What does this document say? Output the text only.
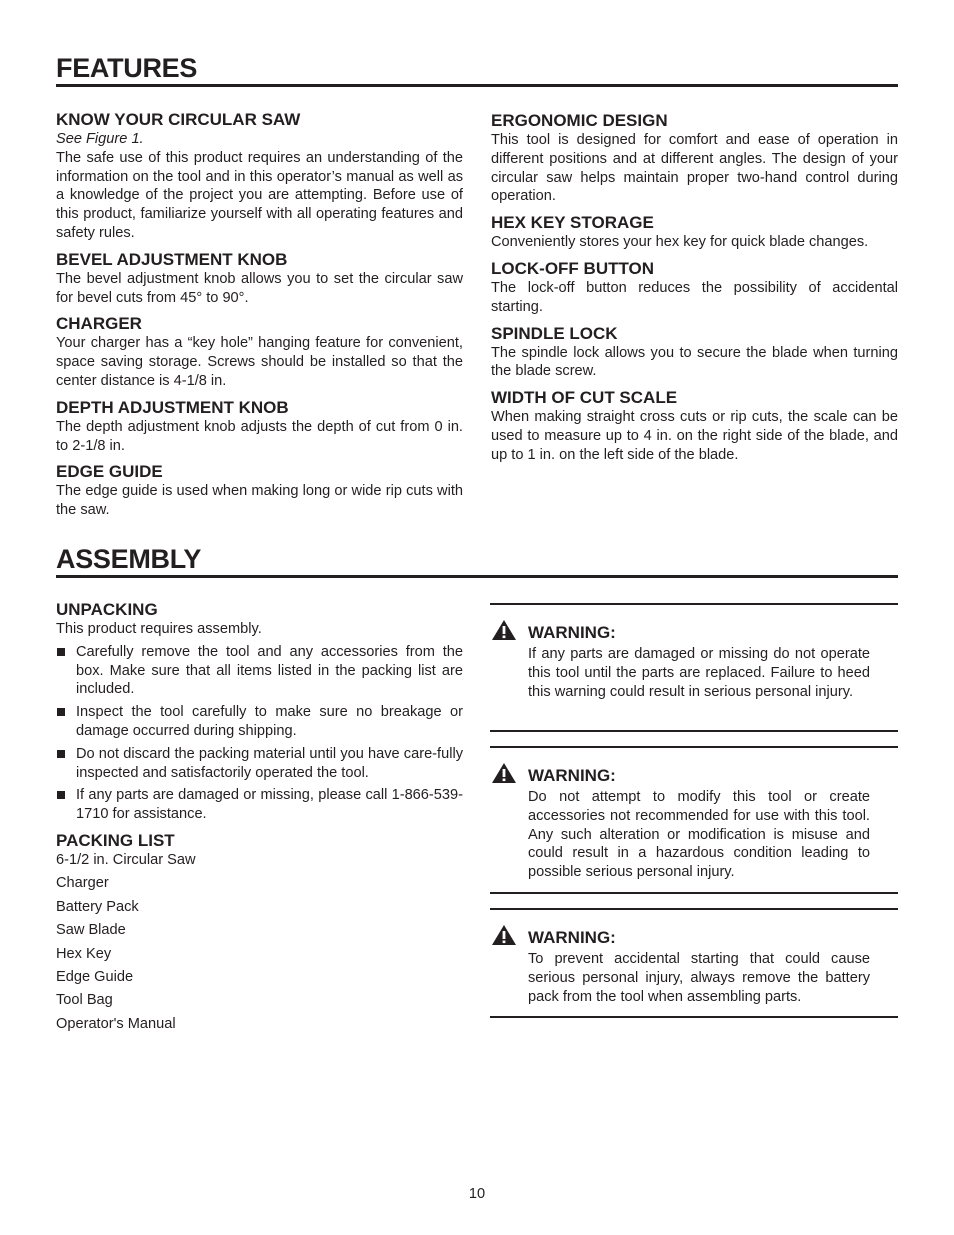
FEATURES

KNOW YOUR CIRCULAR SAW

See Figure 1.

The safe use of this product requires an understanding of the information on the tool and in this operator’s manual as well as a knowledge of the project you are attempting. Before use of this product, familiarize yourself with all operating features and safety rules.

BEVEL ADJUSTMENT KNOB

The bevel adjustment knob allows you to set the circular saw for bevel cuts from 45° to 90°.

CHARGER

Your charger has a “key hole” hanging feature for convenient, space saving storage. Screws should be installed so that the center distance is 4-1/8 in.

DEPTH ADJUSTMENT KNOB

The depth adjustment knob adjusts the depth of cut from 0 in. to 2-1/8 in.

EDGE GUIDE

The edge guide is used when making long or wide rip cuts with the saw.

ERGONOMIC DESIGN

This tool is designed for comfort and ease of operation in different positions and at different angles. The design of your circular saw helps maintain proper two-hand control during operation.

HEX KEY STORAGE

Conveniently stores your hex key for quick blade changes.

LOCK-OFF BUTTON

The lock-off button reduces the possibility of accidental starting.

SPINDLE LOCK

The spindle lock allows you to secure the blade when turning the blade screw.

WIDTH OF CUT SCALE

When making straight cross cuts or rip cuts, the scale can be used to measure up to 4 in. on the right side of the blade, and up to 1 in. on the left side of the blade.

ASSEMBLY

UNPACKING

This product requires assembly.

Carefully remove the tool and any accessories from the box. Make sure that all items listed in the packing list are included.
Inspect the tool carefully to make sure no breakage or damage occurred during shipping.
Do not discard the packing material until you have care-fully inspected and satisfactorily operated the tool.
If any parts are damaged or missing, please call 1-866-539-1710 for assistance.

PACKING LIST

6-1/2 in. Circular Saw
Charger
Battery Pack
Saw Blade
Hex Key
Edge Guide
Tool Bag
Operator's Manual
WARNING:
If any parts are damaged or missing do not operate this tool until the parts are replaced. Failure to heed this warning could result in serious personal injury.
WARNING:
Do not attempt to modify this tool or create accessories not recommended for use with this tool. Any such alteration or modification is misuse and could result in a hazardous condition leading to possible serious personal injury.
WARNING:
To prevent accidental starting that could cause serious personal injury, always remove the battery pack from the tool when assembling parts.
10
